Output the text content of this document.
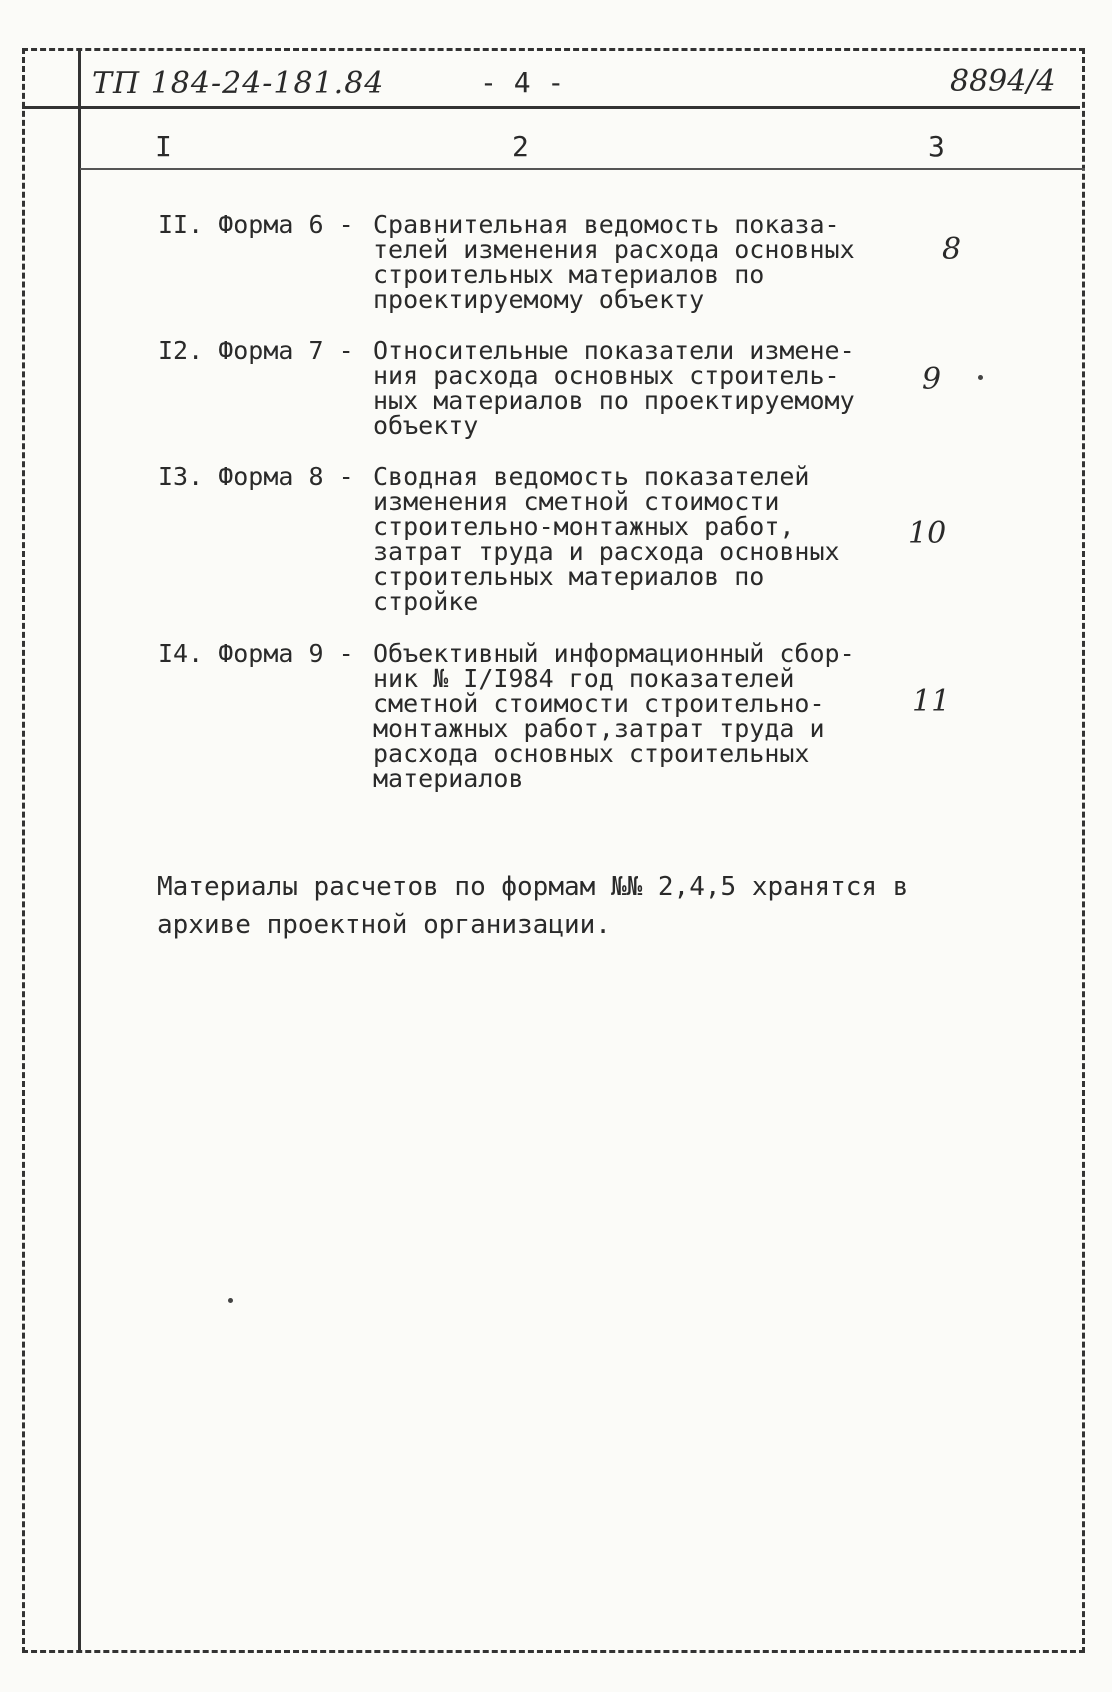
ТП 184-24-181.84	- 4 -	8894/4
I	2	3
II. Форма 6 - Сравнительная ведомость показа-
телей изменения расхода основных
строительных материалов по
проектируемому объекту
8
I2. Форма 7 - Относительные показатели измене-
ния расхода основных строитель-
ных материалов по проектируемому
объекту
9
I3. Форма 8 - Сводная ведомость показателей
изменения сметной стоимости
строительно-монтажных работ,
затрат труда и расхода основных
строительных материалов по
стройке
10
I4. Форма 9 - Объективный информационный сбор-
ник № I/I984 год показателей
сметной стоимости строительно-
монтажных работ,затрат труда и
расхода основных строительных
материалов
11
Материалы расчетов по формам №№ 2,4,5 хранятся в
архиве проектной организации.
